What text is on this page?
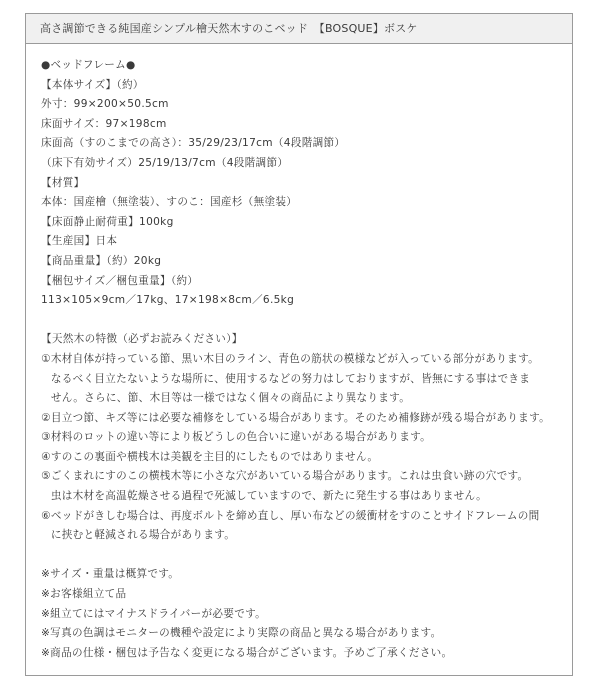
高さ調節できる純国産シンプル檜天然木すのこベッド　【BOSQUE】ボスケ
●ベッドフレーム●
【本体サイズ】（約）
外寸：99×200×50.5cm
床面サイズ：97×198cm
床面高（すのこまでの高さ）：35/29/23/17cm（4段階調節）
（床下有効サイズ）25/19/13/7cm（4段階調節）
【材質】
本体：国産檜（無塗装）、すのこ：国産杉（無塗装）
【床面静止耐荷重】100kg
【生産国】日本
【商品重量】（約）20kg
【梱包サイズ／梱包重量】（約）
113×105×9cm／17kg、17×198×8cm／6.5kg
【天然木の特徴（必ずお読みください）】
① 木材自体が持っている節、黒い木目のライン、青色の筋状の模様などが入っている部分があります。
なるべく目立たないような場所に、使用するなどの努力はしておりますが、皆無にする事はできま
せん。さらに、節、木目等は一様ではなく個々の商品により異なります。
② 目立つ節、キズ等には必要な補修をしている場合があります。そのため補修跡が残る場合があります。
③ 材料のロットの違い等により板どうしの色合いに違いがある場合があります。
④ すのこの裏面や横桟木は美観を主目的にしたものではありません。
⑤ ごくまれにすのこの横桟木等に小さな穴があいている場合があります。これは虫食い跡の穴です。
虫は木材を高温乾燥させる過程で死滅していますので、新たに発生する事はありません。
⑥ ベッドがきしむ場合は、再度ボルトを締め直し、厚い布などの緩衝材をすのことサイドフレームの間
に挟むと軽減される場合があります。
※サイズ・重量は概算です。
※お客様組立て品
※組立てにはマイナスドライバーが必要です。
※写真の色調はモニターの機種や設定により実際の商品と異なる場合があります。
※商品の仕様・梱包は予告なく変更になる場合がございます。予めご了承ください。
